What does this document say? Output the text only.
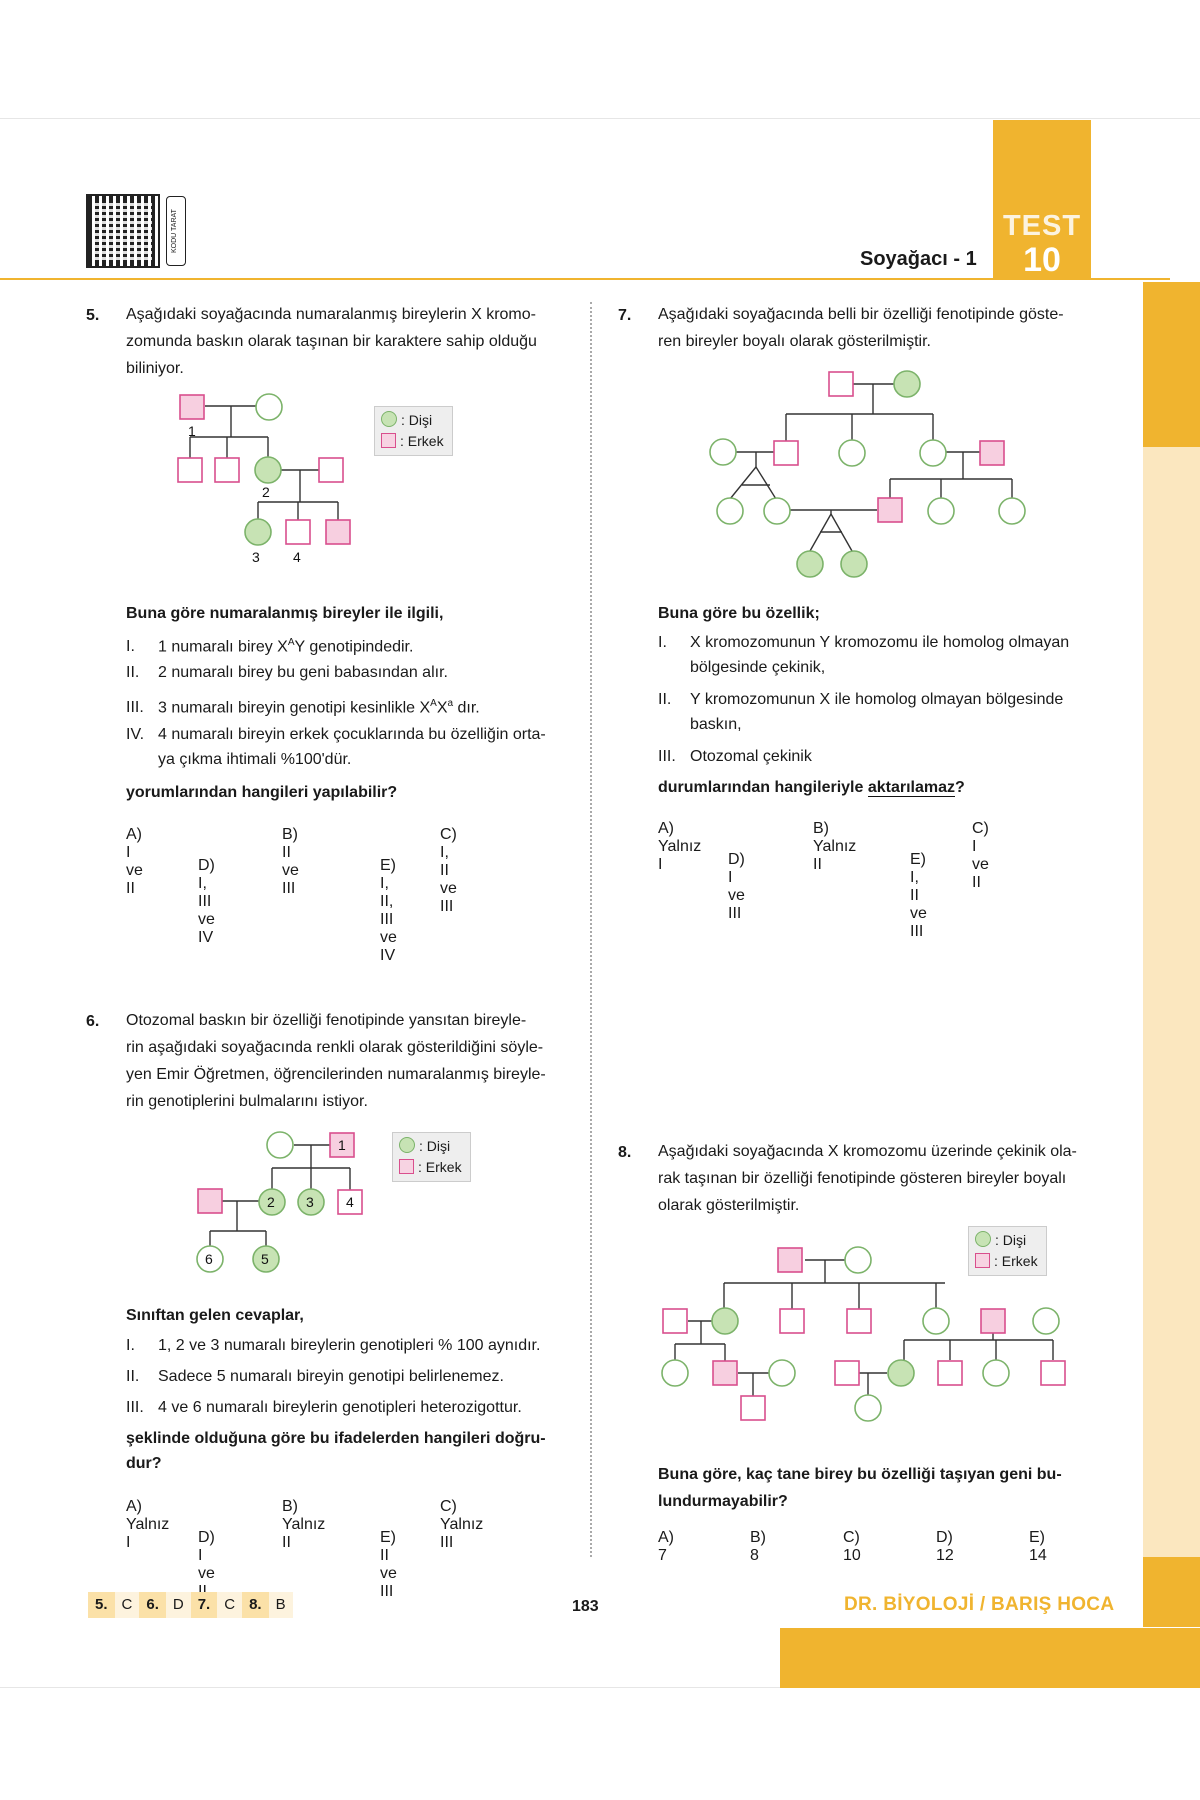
TEST
10
KODU TARAT
Soyağacı - 1
5. Aşağıdaki soyağacında numaralanmış bireylerin X kromo-
zomunda baskın olarak taşınan bir karaktere sahip olduğu
biliniyor.
1
2
3 4
: Dişi
: Erkek
Buna göre numaralanmış bireyler ile ilgili,
I. 1 numaralı birey $X^AY$ genotipindedir.
II. 2 numaralı birey bu geni babasından alır.
III. 3 numaralı bireyin genotipi kesinlikle $X^AX^a$ dır.
IV. 4 numaralı bireyin erkek çocuklarında bu özelliğin orta-
ya çıkma ihtimali %100'dür.
yorumlarından hangileri yapılabilir?
A) I ve II
B) II ve III
C) I, II ve III
D) I, III ve IV
E) I, II, III ve IV
6. Otozomal baskın bir özelliği fenotipinde yansıtan bireyle-
rin aşağıdaki soyağacında renkli olarak gösterildiğini söyle-
yen Emir Öğretmen, öğrencilerinden numaralanmış bireyle-
rin genotiplerini bulmalarını istiyor.
1
2 3 4
5
6
: Dişi
: Erkek
Sınıftan gelen cevaplar,
I. 1, 2 ve 3 numaralı bireylerin genotipleri % 100 aynıdır.
II. Sadece 5 numaralı bireyin genotipi belirlenemez.
III. 4 ve 6 numaralı bireylerin genotipleri heterozigottur.
şeklinde olduğuna göre bu ifadelerden hangileri doğru-
dur?
A) Yalnız I
B) Yalnız II
C) Yalnız III
D) I ve
E) II ve III
7. Aşağıdaki soyağacında belli bir özelliği fenotipinde göste-
ren bireyler boyalı olarak gösterilmiştir.
Buna göre bu özellik;
I. X kromozomunun Y kromozomu ile homolog olmayan
bölgesinde çekinik,
II. Y kromozomunun X ile homolog olmayan bölgesinde
baskın,
III. Otozomal çekinik
durumlarından hangileriyle aktarılamaz?
A) Yalnız I
B) Yalnız II
C) I ve II
D) I ve III
E) I, II ve III
8. Aşağıdaki soyağacında X kromozomu üzerinde çekinik ola-
rak taşınan bir özelliği fenotipinde gösteren bireyler boyalı
olarak gösterilmiştir.
: Dişi
: Erkek
Buna göre, kaç tane birey bu özelliği taşıyan geni bu-
lundurmayabilir?
A) 7
B) 8
C) 10
D) 12
E) 14
5. C 6. D 7. C 8. B	183	DR. BİYOLOJİ / BARIŞ HOCA
